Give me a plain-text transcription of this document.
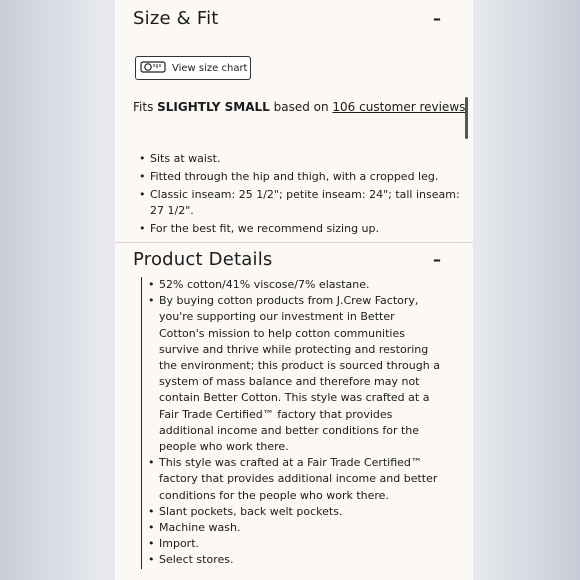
Size & Fit	–
View size chart

Fits SLIGHTLY SMALL based on 106 customer reviews

• Sits at waist.
• Fitted through the hip and thigh, with a cropped leg.
• Classic inseam: 25 1/2"; petite inseam: 24"; tall inseam: 27 1/2".
• For the best fit, we recommend sizing up.
Product Details	–
• 52% cotton/41% viscose/7% elastane.
• By buying cotton products from J.Crew Factory, you're supporting our investment in Better Cotton's mission to help cotton communities survive and thrive while protecting and restoring the environment; this product is sourced through a system of mass balance and therefore may not contain Better Cotton. This style was crafted at a Fair Trade Certified™ factory that provides additional income and better conditions for the people who work there.
• This style was crafted at a Fair Trade Certified™ factory that provides additional income and better conditions for the people who work there.
• Slant pockets, back welt pockets.
• Machine wash.
• Import.
• Select stores.
